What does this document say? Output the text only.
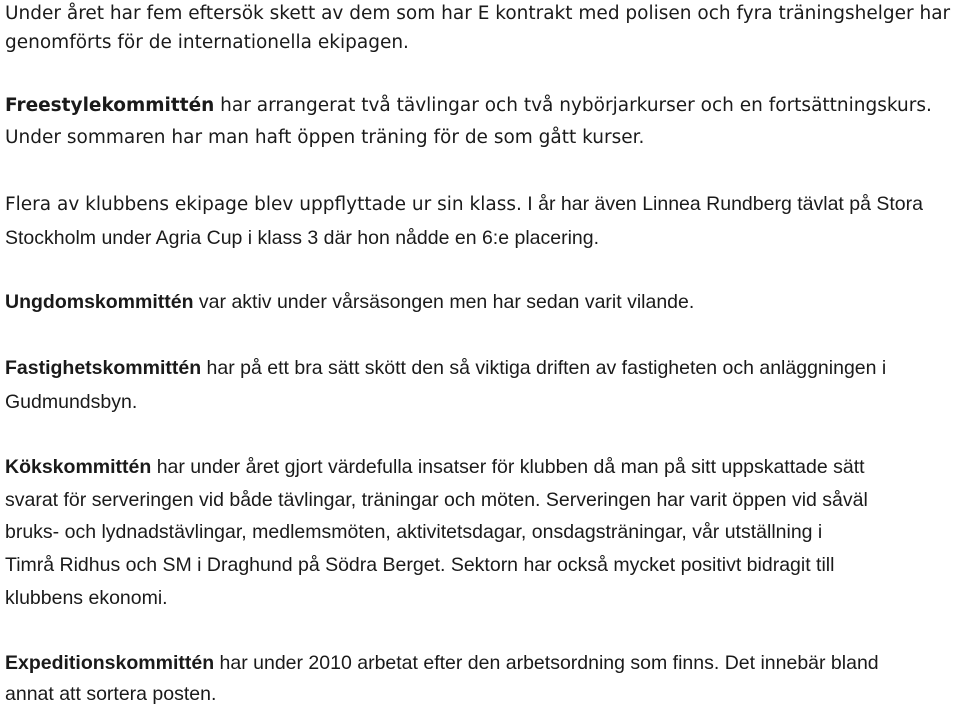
Under året har fem eftersök skett av dem som har E kontrakt med polisen och fyra träningshelger har
genomförts för de internationella ekipagen.
Freestylekommittén har arrangerat två tävlingar och två nybörjarkurser och en fortsättningskurs.
Under sommaren har man haft öppen träning för de som gått kurser.
Flera av klubbens ekipage blev uppflyttade ur sin klass. I år har även Linnea Rundberg tävlat på Stora
Stockholm under Agria Cup i klass 3 där hon nådde en 6:e placering.
Ungdomskommittén var aktiv under vårsäsongen men har sedan varit vilande.
Fastighetskommittén har på ett bra sätt skött den så viktiga driften av fastigheten och anläggningen i
Gudmundsbyn.
Kökskommittén har under året gjort värdefulla insatser för klubben då man på sitt uppskattade sätt
svarat för serveringen vid både tävlingar, träningar och möten. Serveringen har varit öppen vid såväl
bruks- och lydnadstävlingar, medlemsmöten, aktivitetsdagar, onsdagsträningar, vår utställning i
Timrå Ridhus och SM i Draghund på Södra Berget. Sektorn har också mycket positivt bidragit till
klubbens ekonomi.
Expeditionskommittén har under 2010 arbetat efter den arbetsordning som finns. Det innebär bland
annat att sortera posten.
